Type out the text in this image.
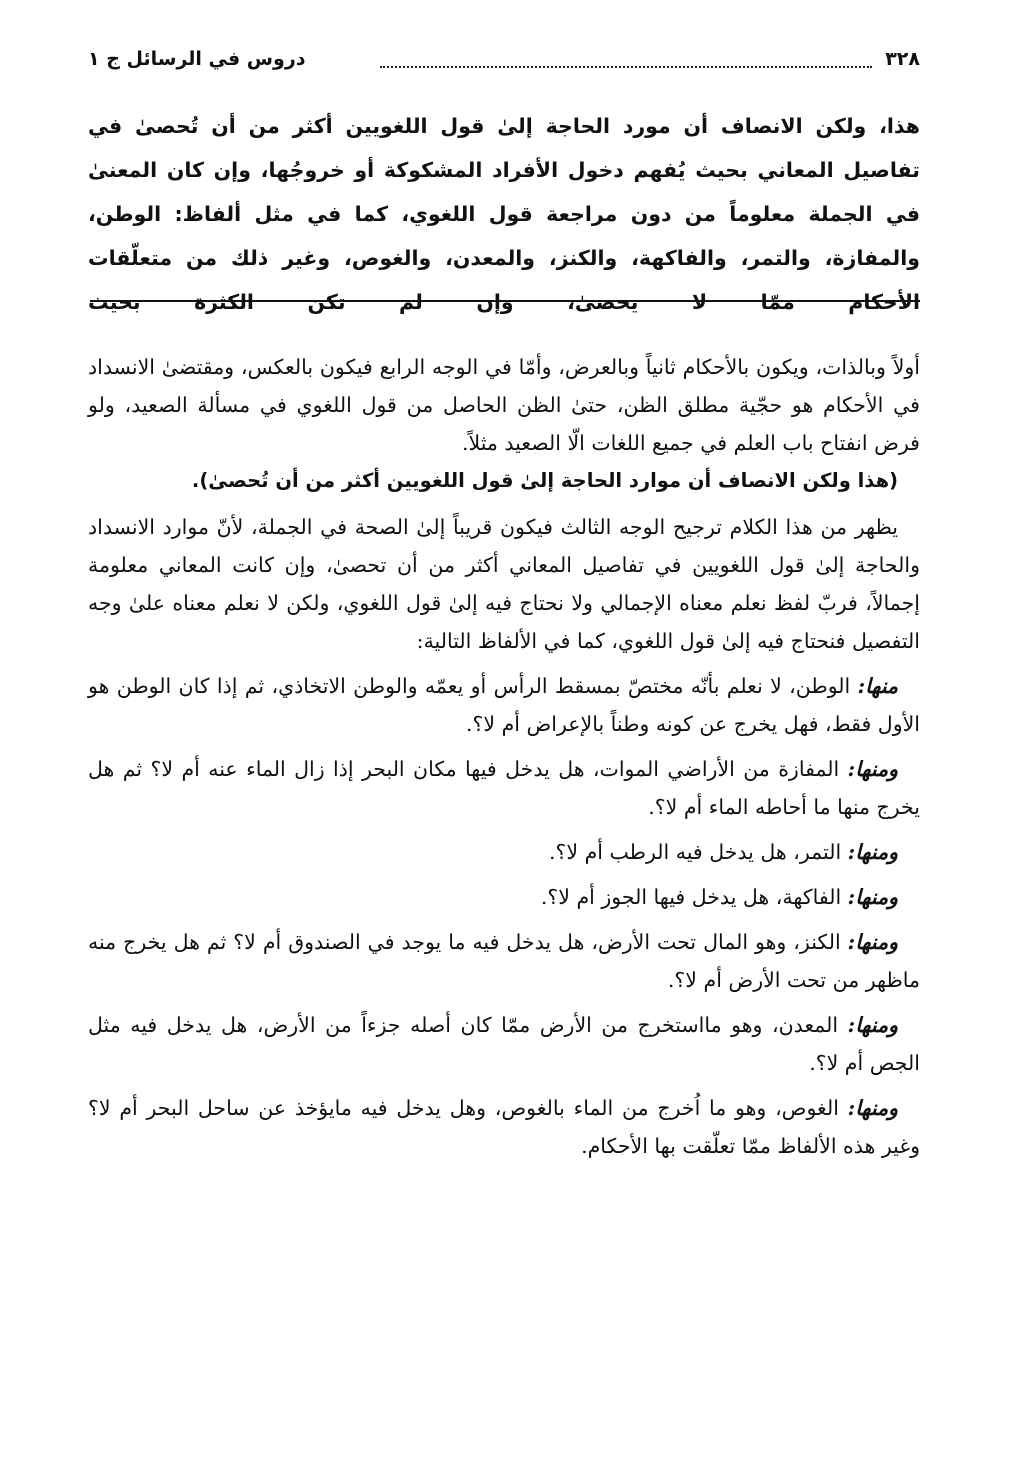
٣٢٨
دروس في الرسائل ج ١

هذا، ولكن الانصاف أن مورد الحاجة إلىٰ قول اللغويين أكثر من أن تُحصىٰ في تفاصيل المعاني بحيث يُفهم دخول الأفراد المشكوكة أو خروجُها، وإن كان المعنىٰ في الجملة معلوماً من دون مراجعة قول اللغوي، كما في مثل ألفاظ: الوطن، والمفازة، والتمر، والفاكهة، والكنز، والمعدن، والغوص، وغير ذلك من متعلّقات الأحكام ممّا لا يحصىٰ، وإن لم تكن الكثرة بحيث

أولاً وبالذات، ويكون بالأحكام ثانياً وبالعرض، وأمّا في الوجه الرابع فيكون بالعكس، ومقتضىٰ الانسداد في الأحكام هو حجّية مطلق الظن، حتىٰ الظن الحاصل من قول اللغوي في مسألة الصعيد، ولو فرض انفتاح باب العلم في جميع اللغات الّا الصعيد مثلاً.

(هذا ولكن الانصاف أن موارد الحاجة إلىٰ قول اللغويين أكثر من أن تُحصىٰ).

يظهر من هذا الكلام ترجيح الوجه الثالث فيكون قريباً إلىٰ الصحة في الجملة، لأنّ موارد الانسداد والحاجة إلىٰ قول اللغويين في تفاصيل المعاني أكثر من أن تحصىٰ، وإن كانت المعاني معلومة إجمالاً، فربّ لفظ نعلم معناه الإجمالي ولا نحتاج فيه إلىٰ قول اللغوي، ولكن لا نعلم معناه علىٰ وجه التفصيل فنحتاج فيه إلىٰ قول اللغوي، كما في الألفاظ التالية:

منها: الوطن، لا نعلم بأنّه مختصّ بمسقط الرأس أو يعمّه والوطن الاتخاذي، ثم إذا كان الوطن هو الأول فقط، فهل يخرج عن كونه وطناً بالإعراض أم لا؟.

ومنها: المفازة من الأراضي الموات، هل يدخل فيها مكان البحر إذا زال الماء عنه أم لا؟ ثم هل يخرج منها ما أحاطه الماء أم لا؟.

ومنها: التمر، هل يدخل فيه الرطب أم لا؟.

ومنها: الفاكهة، هل يدخل فيها الجوز أم لا؟.

ومنها: الكنز، وهو المال تحت الأرض، هل يدخل فيه ما يوجد في الصندوق أم لا؟ ثم هل يخرج منه ماظهر من تحت الأرض أم لا؟.

ومنها: المعدن، وهو مااستخرج من الأرض ممّا كان أصله جزءاً من الأرض، هل يدخل فيه مثل الجص أم لا؟.

ومنها: الغوص، وهو ما اُخرج من الماء بالغوص، وهل يدخل فيه مايؤخذ عن ساحل البحر أم لا؟ وغير هذه الألفاظ ممّا تعلّقت بها الأحكام.
